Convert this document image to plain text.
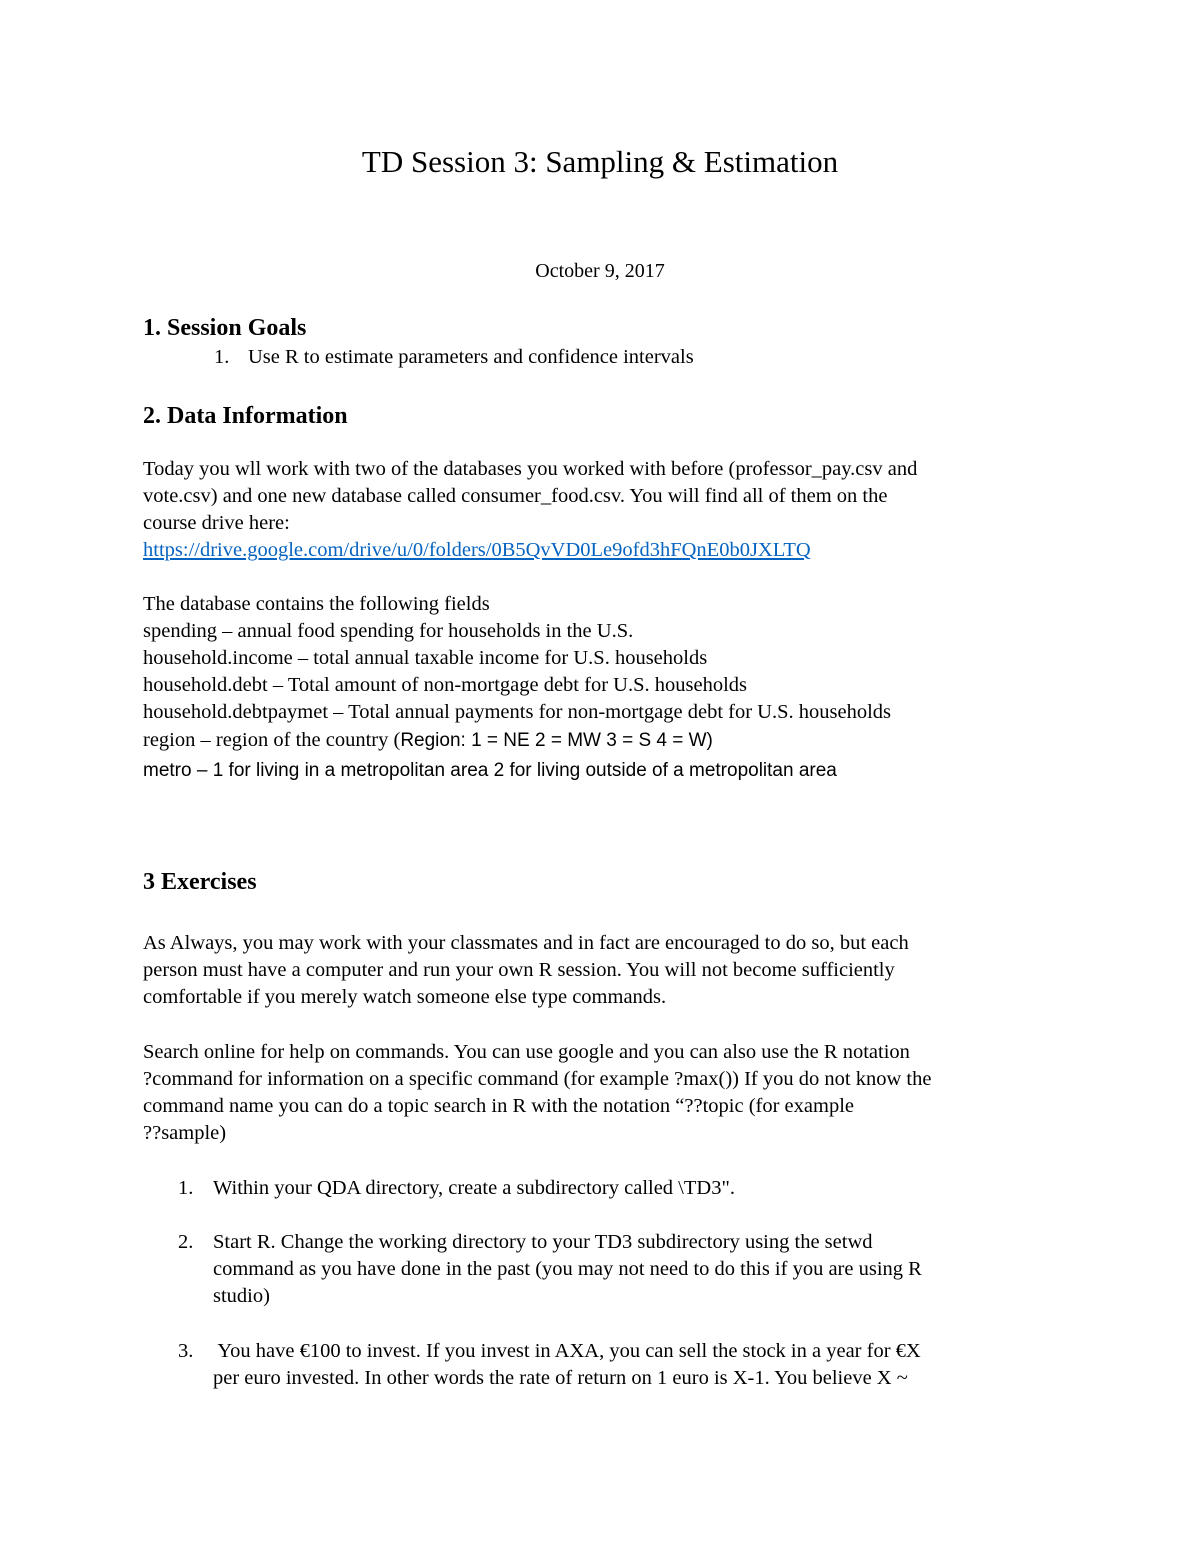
TD Session 3: Sampling & Estimation
October 9, 2017
1. Session Goals
1. Use R to estimate parameters and confidence intervals
2. Data Information
Today you wll work with two of the databases you worked with before (professor_pay.csv and
vote.csv) and one new database called consumer_food.csv. You will find all of them on the
course drive here:
https://drive.google.com/drive/u/0/folders/0B5QvVD0Le9ofd3hFQnE0b0JXLTQ
The database contains the following fields
spending – annual food spending for households in the U.S.
household.income – total annual taxable income for U.S. households
household.debt – Total amount of non-mortgage debt for U.S. households
household.debtpaymet – Total annual payments for non-mortgage debt for U.S. households
region – region of the country (Region: 1 = NE 2 = MW 3 = S 4 = W)
metro – 1 for living in a metropolitan area 2 for living outside of a metropolitan area
3 Exercises
As Always, you may work with your classmates and in fact are encouraged to do so, but each
person must have a computer and run your own R session. You will not become sufficiently
comfortable if you merely watch someone else type commands.
Search online for help on commands. You can use google and you can also use the R notation
?command for information on a specific command (for example ?max()) If you do not know the
command name you can do a topic search in R with the notation “??topic (for example
??sample)
1. Within your QDA directory, create a subdirectory called \TD3".
2. Start R. Change the working directory to your TD3 subdirectory using the setwd
command as you have done in the past (you may not need to do this if you are using R
studio)
3. You have €100 to invest. If you invest in AXA, you can sell the stock in a year for €X
per euro invested. In other words the rate of return on 1 euro is X-1. You believe X ~
